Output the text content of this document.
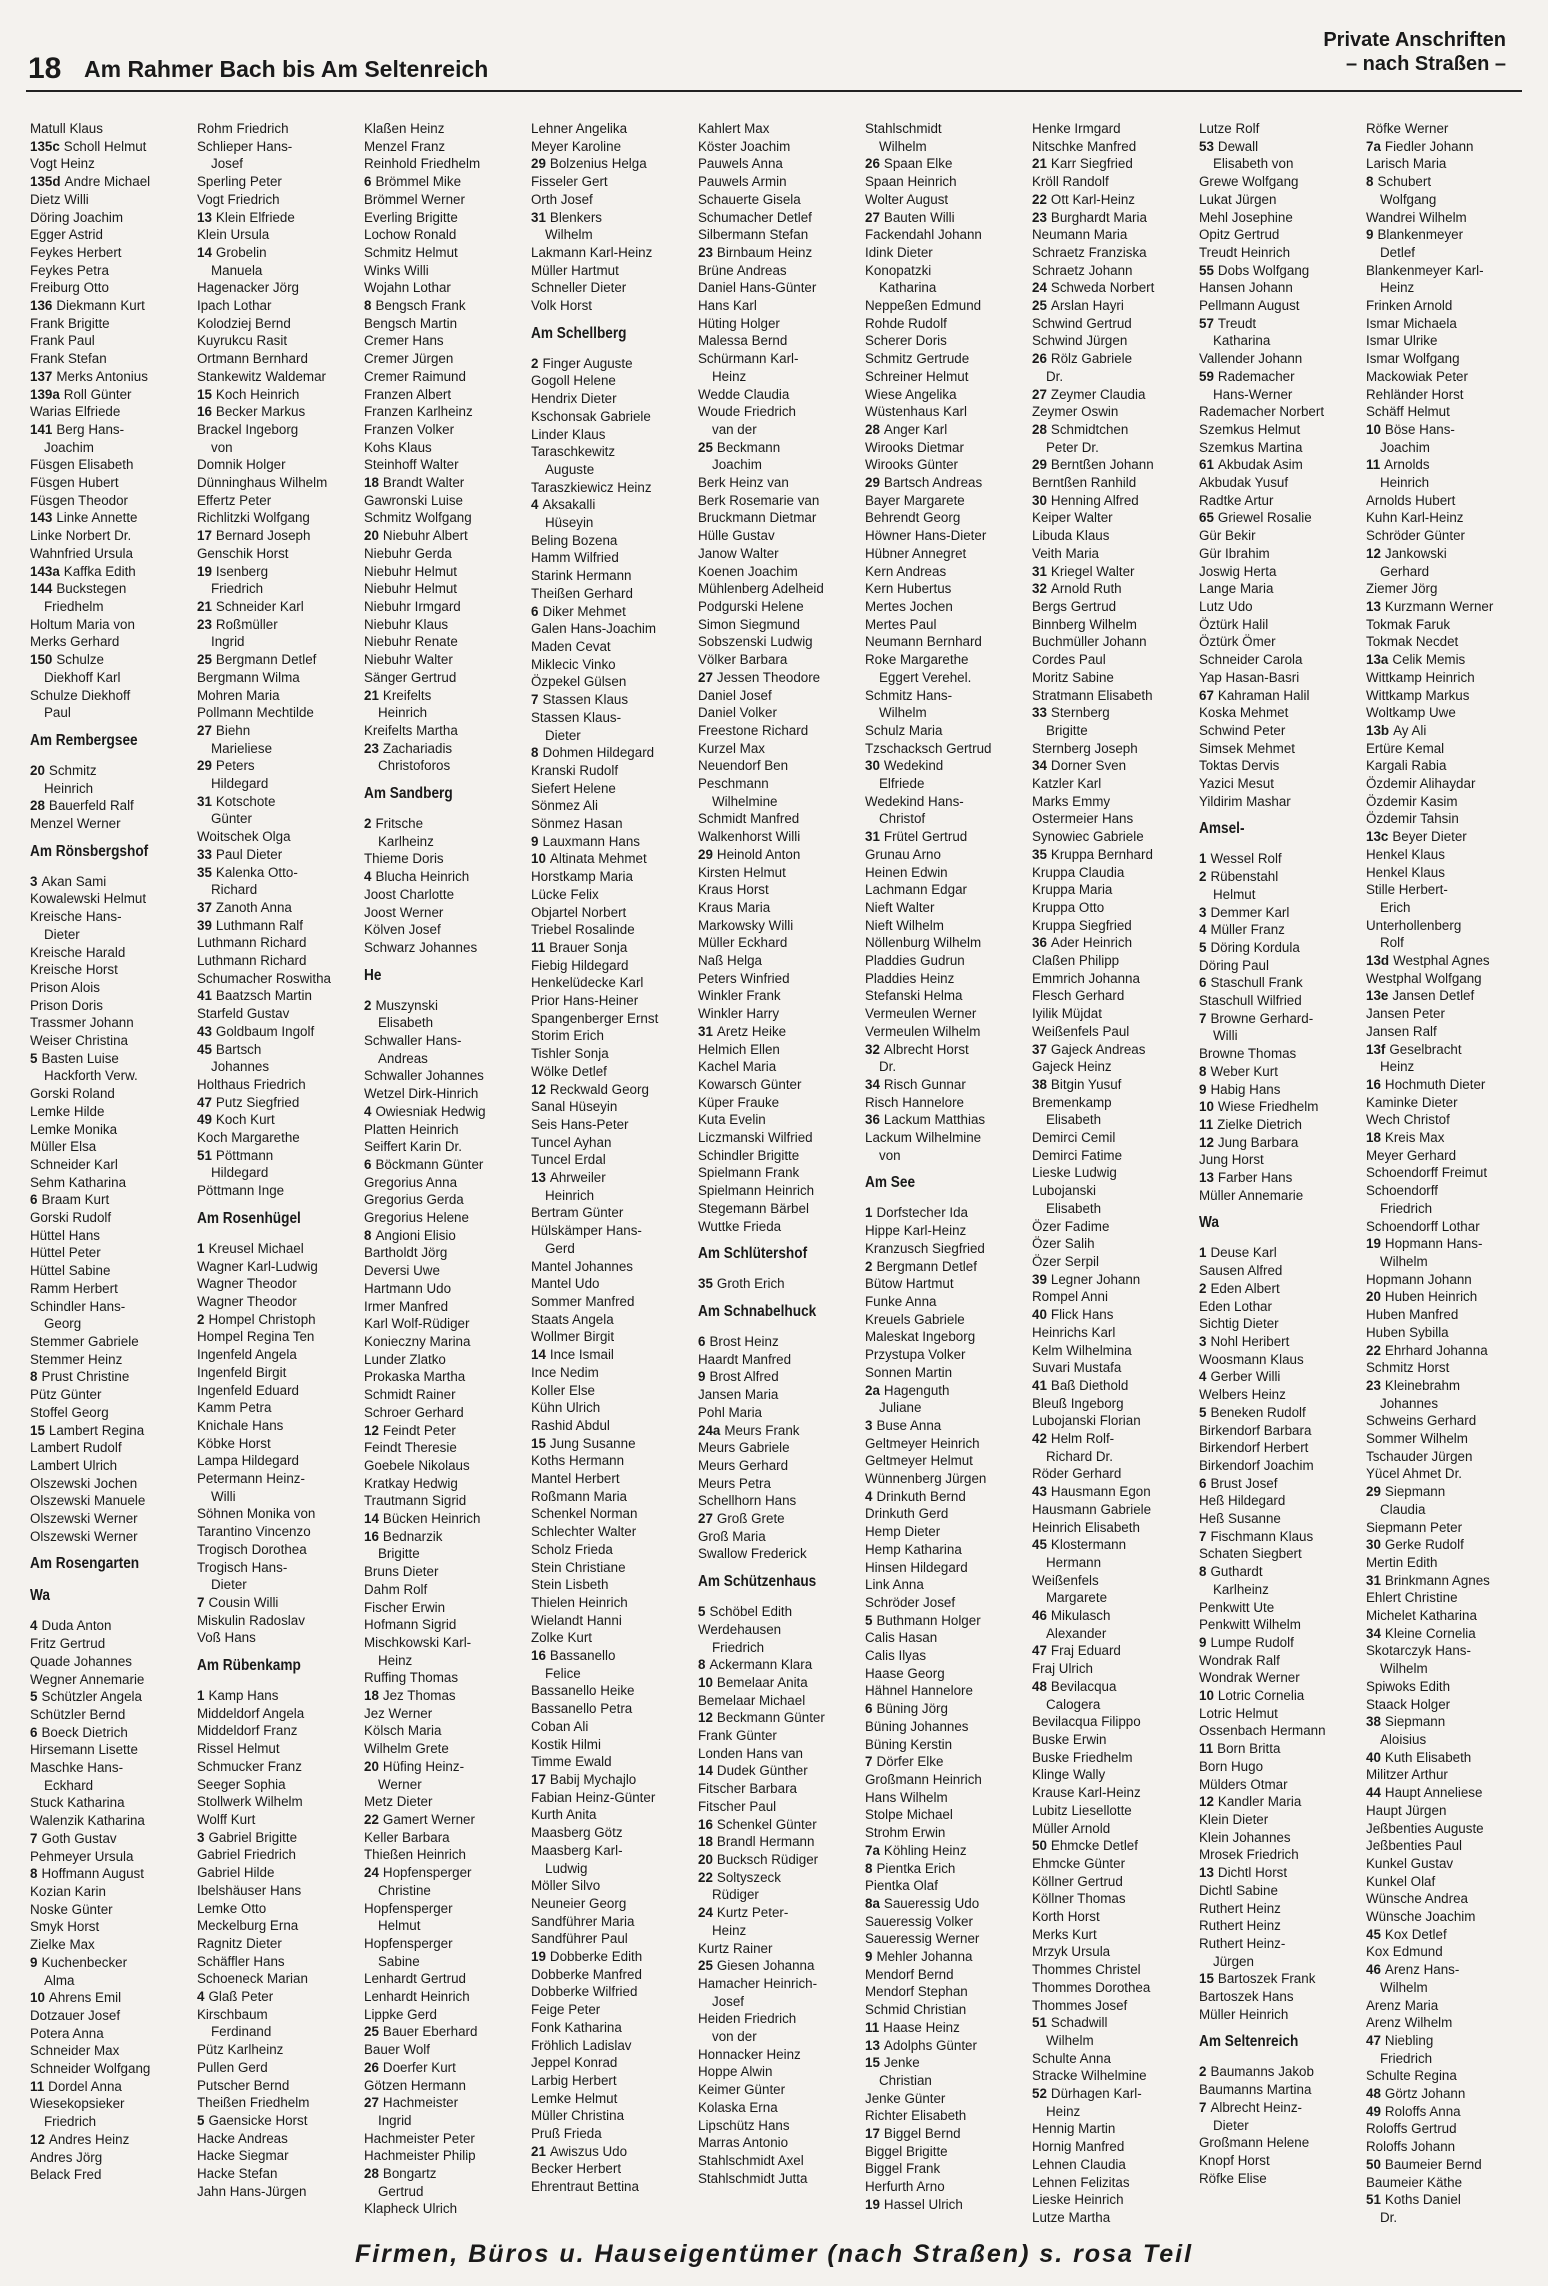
18 Am Rahmer Bach bis Am Seltenreich
Private Anschriften
– nach Straßen –
Matull Klaus
135c Scholl Helmut
Vogt Heinz
135d Andre Michael
Dietz Willi
Döring Joachim
Egger Astrid
Feykes Herbert
Feykes Petra
Freiburg Otto
136 Diekmann Kurt
Frank Brigitte
Frank Paul
Frank Stefan
137 Merks Antonius
139a Roll Günter
Warias Elfriede
141 Berg Hans-
Joachim
Füsgen Elisabeth
Füsgen Hubert
Füsgen Theodor
143 Linke Annette
Linke Norbert Dr.
Wahnfried Ursula
143a Kaffka Edith
144 Buckstegen
Friedhelm
Holtum Maria von
Merks Gerhard
150 Schulze
Diekhoff Karl
Schulze Diekhoff
Paul
Am Rembergsee
20 Schmitz
Heinrich
28 Bauerfeld Ralf
Menzel Werner
Am Rönsbergshof
3 Akan Sami
Kowalewski Helmut
Kreische Hans-
Dieter
Kreische Harald
Kreische Horst
Prison Alois
Prison Doris
Trassmer Johann
Weiser Christina
5 Basten Luise
Hackforth Verw.
Gorski Roland
Lemke Hilde
Lemke Monika
Müller Elsa
Schneider Karl
Sehm Katharina
6 Braam Kurt
Gorski Rudolf
Hüttel Hans
Hüttel Peter
Hüttel Sabine
Ramm Herbert
Schindler Hans-
Georg
Stemmer Gabriele
Stemmer Heinz
8 Prust Christine
Pütz Günter
Stoffel Georg
15 Lambert Regina
Lambert Rudolf
Lambert Ulrich
Olszewski Jochen
Olszewski Manuele
Olszewski Werner
Olszewski Werner
Am Rosengarten
Wa
4 Duda Anton
Fritz Gertrud
Quade Johannes
Wegner Annemarie
5 Schützler Angela
Schützler Bernd
6 Boeck Dietrich
Hirsemann Lisette
Maschke Hans-
Eckhard
Stuck Katharina
Walenzik Katharina
7 Goth Gustav
Pehmeyer Ursula
8 Hoffmann August
Kozian Karin
Noske Günter
Smyk Horst
Zielke Max
9 Kuchenbecker
Alma
10 Ahrens Emil
Dotzauer Josef
Potera Anna
Schneider Max
Schneider Wolfgang
11 Dordel Anna
Wiesekopsieker
Friedrich
12 Andres Heinz
Andres Jörg
Belack Fred
Rohm Friedrich
Schlieper Hans-
Josef
Sperling Peter
Vogt Friedrich
13 Klein Elfriede
Klein Ursula
14 Grobelin
Manuela
Hagenacker Jörg
Ipach Lothar
Kolodziej Bernd
Kuyrukcu Rasit
Ortmann Bernhard
Stankewitz Waldemar
15 Koch Heinrich
16 Becker Markus
Brackel Ingeborg
von
Domnik Holger
Dünninghaus Wilhelm
Effertz Peter
Richlitzki Wolfgang
17 Bernard Joseph
Genschik Horst
19 Isenberg
Friedrich
21 Schneider Karl
23 Roßmüller
Ingrid
25 Bergmann Detlef
Bergmann Wilma
Mohren Maria
Pollmann Mechtilde
27 Biehn
Marieliese
29 Peters
Hildegard
31 Kotschote
Günter
Woitschek Olga
33 Paul Dieter
35 Kalenka Otto-
Richard
37 Zanoth Anna
39 Luthmann Ralf
Luthmann Richard
Luthmann Richard
Schumacher Roswitha
41 Baatzsch Martin
Starfeld Gustav
43 Goldbaum Ingolf
45 Bartsch
Johannes
Holthaus Friedrich
47 Putz Siegfried
49 Koch Kurt
Koch Margarethe
51 Pöttmann
Hildegard
Pöttmann Inge
Am Rosenhügel
1 Kreusel Michael
Wagner Karl-Ludwig
Wagner Theodor
Wagner Theodor
2 Hompel Christoph
Hompel Regina Ten
Ingenfeld Angela
Ingenfeld Birgit
Ingenfeld Eduard
Kamm Petra
Knichale Hans
Köbke Horst
Lampa Hildegard
Petermann Heinz-
Willi
Söhnen Monika von
Tarantino Vincenzo
Trogisch Dorothea
Trogisch Hans-
Dieter
7 Cousin Willi
Miskulin Radoslav
Voß Hans
Am Rübenkamp
1 Kamp Hans
Middeldorf Angela
Middeldorf Franz
Rissel Helmut
Schmucker Franz
Seeger Sophia
Stollwerk Wilhelm
Wolff Kurt
3 Gabriel Brigitte
Gabriel Friedrich
Gabriel Hilde
Ibelshäuser Hans
Lemke Otto
Meckelburg Erna
Ragnitz Dieter
Schäffler Hans
Schoeneck Marian
4 Glaß Peter
Kirschbaum
Ferdinand
Pütz Karlheinz
Pullen Gerd
Putscher Bernd
Theißen Friedhelm
5 Gaensicke Horst
Hacke Andreas
Hacke Siegmar
Hacke Stefan
Jahn Hans-Jürgen
Klaßen Heinz
Menzel Franz
Reinhold Friedhelm
6 Brömmel Mike
Brömmel Werner
Everling Brigitte
Lochow Ronald
Schmitz Helmut
Winks Willi
Wojahn Lothar
8 Bengsch Frank
Bengsch Martin
Cremer Hans
Cremer Jürgen
Cremer Raimund
Franzen Albert
Franzen Karlheinz
Franzen Volker
Kohs Klaus
Steinhoff Walter
18 Brandt Walter
Gawronski Luise
Schmitz Wolfgang
20 Niebuhr Albert
Niebuhr Gerda
Niebuhr Helmut
Niebuhr Helmut
Niebuhr Irmgard
Niebuhr Klaus
Niebuhr Renate
Niebuhr Walter
Sänger Gertrud
21 Kreifelts
Heinrich
Kreifelts Martha
23 Zachariadis
Christoforos
Am Sandberg
2 Fritsche
Karlheinz
Thieme Doris
4 Blucha Heinrich
Joost Charlotte
Joost Werner
Kölven Josef
Schwarz Johannes
He
2 Muszynski
Elisabeth
Schwaller Hans-
Andreas
Schwaller Johannes
Wetzel Dirk-Hinrich
4 Owiesniak Hedwig
Platten Heinrich
Seiffert Karin Dr.
6 Böckmann Günter
Gregorius Anna
Gregorius Gerda
Gregorius Helene
8 Angioni Elisio
Bartholdt Jörg
Deversi Uwe
Hartmann Udo
Irmer Manfred
Karl Wolf-Rüdiger
Konieczny Marina
Lunder Zlatko
Prokaska Martha
Schmidt Rainer
Schroer Gerhard
12 Feindt Peter
Feindt Theresie
Goebele Nikolaus
Kratkay Hedwig
Trautmann Sigrid
14 Bücken Heinrich
16 Bednarzik
Brigitte
Bruns Dieter
Dahm Rolf
Fischer Erwin
Hofmann Sigrid
Mischkowski Karl-
Heinz
Ruffing Thomas
18 Jez Thomas
Jez Werner
Kölsch Maria
Wilhelm Grete
20 Hüfing Heinz-
Werner
Metz Dieter
22 Gamert Werner
Keller Barbara
Thießen Heinrich
24 Hopfensperger
Christine
Hopfensperger
Helmut
Hopfensperger
Sabine
Lenhardt Gertrud
Lenhardt Heinrich
Lippke Gerd
25 Bauer Eberhard
Bauer Wolf
26 Doerfer Kurt
Götzen Hermann
27 Hachmeister
Ingrid
Hachmeister Peter
Hachmeister Philip
28 Bongartz
Gertrud
Klapheck Ulrich
Lehner Angelika
Meyer Karoline
29 Bolzenius Helga
Fisseler Gert
Orth Josef
31 Blenkers
Wilhelm
Lakmann Karl-Heinz
Müller Hartmut
Schneller Dieter
Volk Horst
Am Schellberg
2 Finger Auguste
Gogoll Helene
Hendrix Dieter
Kschonsak Gabriele
Linder Klaus
Taraschkewitz
Auguste
Taraszkiewicz Heinz
4 Aksakalli
Hüseyin
Beling Bozena
Hamm Wilfried
Starink Hermann
Theißen Gerhard
6 Diker Mehmet
Galen Hans-Joachim
Maden Cevat
Miklecic Vinko
Özpekel Gülsen
7 Stassen Klaus
Stassen Klaus-
Dieter
8 Dohmen Hildegard
Kranski Rudolf
Siefert Helene
Sönmez Ali
Sönmez Hasan
9 Lauxmann Hans
10 Altinata Mehmet
Horstkamp Maria
Lücke Felix
Objartel Norbert
Triebel Rosalinde
11 Brauer Sonja
Fiebig Hildegard
Henkelüdecke Karl
Prior Hans-Heiner
Spangenberger Ernst
Storim Erich
Tishler Sonja
Wölke Detlef
12 Reckwald Georg
Sanal Hüseyin
Seis Hans-Peter
Tuncel Ayhan
Tuncel Erdal
13 Ahrweiler
Heinrich
Bertram Günter
Hülskämper Hans-
Gerd
Mantel Johannes
Mantel Udo
Sommer Manfred
Staats Angela
Wollmer Birgit
14 Ince Ismail
Ince Nedim
Koller Else
Kühn Ulrich
Rashid Abdul
15 Jung Susanne
Koths Hermann
Mantel Herbert
Roßmann Maria
Schenkel Norman
Schlechter Walter
Scholz Frieda
Stein Christiane
Stein Lisbeth
Thielen Heinrich
Wielandt Hanni
Zolke Kurt
16 Bassanello
Felice
Bassanello Heike
Bassanello Petra
Coban Ali
Kostik Hilmi
Timme Ewald
17 Babij Mychajlo
Fabian Heinz-Günter
Kurth Anita
Maasberg Götz
Maasberg Karl-
Ludwig
Möller Silvo
Neuneier Georg
Sandführer Maria
Sandführer Paul
19 Dobberke Edith
Dobberke Manfred
Dobberke Wilfried
Feige Peter
Fonk Katharina
Fröhlich Ladislav
Jeppel Konrad
Larbig Herbert
Lemke Helmut
Müller Christina
Pruß Frieda
21 Awiszus Udo
Becker Herbert
Ehrentraut Bettina
Kahlert Max
Köster Joachim
Pauwels Anna
Pauwels Armin
Schauerte Gisela
Schumacher Detlef
Silbermann Stefan
23 Birnbaum Heinz
Brüne Andreas
Daniel Hans-Günter
Hans Karl
Hüting Holger
Malessa Bernd
Schürmann Karl-
Heinz
Wedde Claudia
Woude Friedrich
van der
25 Beckmann
Joachim
Berk Heinz van
Berk Rosemarie van
Bruckmann Dietmar
Hülle Gustav
Janow Walter
Koenen Joachim
Mühlenberg Adelheid
Podgurski Helene
Simon Siegmund
Sobszenski Ludwig
Völker Barbara
27 Jessen Theodore
Daniel Josef
Daniel Volker
Freestone Richard
Kurzel Max
Neuendorf Ben
Peschmann
Wilhelmine
Schmidt Manfred
Walkenhorst Willi
29 Heinold Anton
Kirsten Helmut
Kraus Horst
Kraus Maria
Markowsky Willi
Müller Eckhard
Naß Helga
Peters Winfried
Winkler Frank
Winkler Harry
31 Aretz Heike
Helmich Ellen
Kachel Maria
Kowarsch Günter
Küper Frauke
Kuta Evelin
Liczmanski Wilfried
Schindler Brigitte
Spielmann Frank
Spielmann Heinrich
Stegemann Bärbel
Wuttke Frieda
Am Schlütershof
35 Groth Erich
Am Schnabelhuck
6 Brost Heinz
Haardt Manfred
9 Brost Alfred
Jansen Maria
Pohl Maria
24a Meurs Frank
Meurs Gabriele
Meurs Gerhard
Meurs Petra
Schellhorn Hans
27 Groß Grete
Groß Maria
Swallow Frederick
Am Schützenhaus
5 Schöbel Edith
Werdehausen
Friedrich
8 Ackermann Klara
10 Bemelaar Anita
Bemelaar Michael
12 Beckmann Günter
Frank Günter
Londen Hans van
14 Dudek Günther
Fitscher Barbara
Fitscher Paul
16 Schenkel Günter
18 Brandl Hermann
20 Bucksch Rüdiger
22 Soltyszeck
Rüdiger
24 Kurtz Peter-
Heinz
Kurtz Rainer
25 Giesen Johanna
Hamacher Heinrich-
Josef
Heiden Friedrich
von der
Honnacker Heinz
Hoppe Alwin
Keimer Günter
Kolaska Erna
Lipschütz Hans
Marras Antonio
Stahlschmidt Axel
Stahlschmidt Jutta
Stahlschmidt
Wilhelm
26 Spaan Elke
Spaan Heinrich
Wolter August
27 Bauten Willi
Fackendahl Johann
Idink Dieter
Konopatzki
Katharina
Neppeßen Edmund
Rohde Rudolf
Scherer Doris
Schmitz Gertrude
Schreiner Helmut
Wiese Angelika
Wüstenhaus Karl
28 Anger Karl
Wirooks Dietmar
Wirooks Günter
29 Bartsch Andreas
Bayer Margarete
Behrendt Georg
Höwner Hans-Dieter
Hübner Annegret
Kern Andreas
Kern Hubertus
Mertes Jochen
Mertes Paul
Neumann Bernhard
Roke Margarethe
Eggert Verehel.
Schmitz Hans-
Wilhelm
Schulz Maria
Tzschacksch Gertrud
30 Wedekind
Elfriede
Wedekind Hans-
Christof
31 Frütel Gertrud
Grunau Arno
Heinen Edwin
Lachmann Edgar
Nieft Walter
Nieft Wilhelm
Nöllenburg Wilhelm
Pladdies Gudrun
Pladdies Heinz
Stefanski Helma
Vermeulen Werner
Vermeulen Wilhelm
32 Albrecht Horst
Dr.
34 Risch Gunnar
Risch Hannelore
36 Lackum Matthias
Lackum Wilhelmine
von
Am See
1 Dorfstecher Ida
Hippe Karl-Heinz
Kranzusch Siegfried
2 Bergmann Detlef
Bütow Hartmut
Funke Anna
Kreuels Gabriele
Maleskat Ingeborg
Przystupa Volker
Sonnen Martin
2a Hagenguth
Juliane
3 Buse Anna
Geltmeyer Heinrich
Geltmeyer Helmut
Wünnenberg Jürgen
4 Drinkuth Bernd
Drinkuth Gerd
Hemp Dieter
Hemp Katharina
Hinsen Hildegard
Link Anna
Schröder Josef
5 Buthmann Holger
Calis Hasan
Calis Ilyas
Haase Georg
Hähnel Hannelore
6 Büning Jörg
Büning Johannes
Büning Kerstin
7 Dörfer Elke
Großmann Heinrich
Hans Wilhelm
Stolpe Michael
Strohm Erwin
7a Köhling Heinz
8 Pientka Erich
Pientka Olaf
8a Saueressig Udo
Saueressig Volker
Saueressig Werner
9 Mehler Johanna
Mendorf Bernd
Mendorf Stephan
Schmid Christian
11 Haase Heinz
13 Adolphs Günter
15 Jenke
Christian
Jenke Günter
Richter Elisabeth
17 Biggel Bernd
Biggel Brigitte
Biggel Frank
Herfurth Arno
19 Hassel Ulrich
Henke Irmgard
Nitschke Manfred
21 Karr Siegfried
Kröll Randolf
22 Ott Karl-Heinz
23 Burghardt Maria
Neumann Maria
Schraetz Franziska
Schraetz Johann
24 Schweda Norbert
25 Arslan Hayri
Schwind Gertrud
Schwind Jürgen
26 Rölz Gabriele
Dr.
27 Zeymer Claudia
Zeymer Oswin
28 Schmidtchen
Peter Dr.
29 Berntßen Johann
Berntßen Ranhild
30 Henning Alfred
Keiper Walter
Libuda Klaus
Veith Maria
31 Kriegel Walter
32 Arnold Ruth
Bergs Gertrud
Binnberg Wilhelm
Buchmüller Johann
Cordes Paul
Moritz Sabine
Stratmann Elisabeth
33 Sternberg
Brigitte
Sternberg Joseph
34 Dorner Sven
Katzler Karl
Marks Emmy
Ostermeier Hans
Synowiec Gabriele
35 Kruppa Bernhard
Kruppa Claudia
Kruppa Maria
Kruppa Otto
Kruppa Siegfried
36 Ader Heinrich
Claßen Philipp
Emmrich Johanna
Flesch Gerhard
Iyilik Müjdat
Weißenfels Paul
37 Gajeck Andreas
Gajeck Heinz
38 Bitgin Yusuf
Bremenkamp
Elisabeth
Demirci Cemil
Demirci Fatime
Lieske Ludwig
Lubojanski
Elisabeth
Özer Fadime
Özer Salih
Özer Serpil
39 Legner Johann
Rompel Anni
40 Flick Hans
Heinrichs Karl
Kelm Wilhelmina
Suvari Mustafa
41 Baß Diethold
Bleuß Ingeborg
Lubojanski Florian
42 Helm Rolf-
Richard Dr.
Röder Gerhard
43 Hausmann Egon
Hausmann Gabriele
Heinrich Elisabeth
45 Klostermann
Hermann
Weißenfels
Margarete
46 Mikulasch
Alexander
47 Fraj Eduard
Fraj Ulrich
48 Bevilacqua
Calogera
Bevilacqua Filippo
Buske Erwin
Buske Friedhelm
Klinge Wally
Krause Karl-Heinz
Lubitz Liesellotte
Müller Arnold
50 Ehmcke Detlef
Ehmcke Günter
Köllner Gertrud
Köllner Thomas
Korth Horst
Merks Kurt
Mrzyk Ursula
Thommes Christel
Thommes Dorothea
Thommes Josef
51 Schadwill
Wilhelm
Schulte Anna
Stracke Wilhelmine
52 Dürhagen Karl-
Heinz
Hennig Martin
Hornig Manfred
Lehnen Claudia
Lehnen Felizitas
Lieske Heinrich
Lutze Martha
Lutze Rolf
53 Dewall
Elisabeth von
Grewe Wolfgang
Lukat Jürgen
Mehl Josephine
Opitz Gertrud
Treudt Heinrich
55 Dobs Wolfgang
Hansen Johann
Pellmann August
57 Treudt
Katharina
Vallender Johann
59 Rademacher
Hans-Werner
Rademacher Norbert
Szemkus Helmut
Szemkus Martina
61 Akbudak Asim
Akbudak Yusuf
Radtke Artur
65 Griewel Rosalie
Gür Bekir
Gür Ibrahim
Joswig Herta
Lange Maria
Lutz Udo
Öztürk Halil
Öztürk Ömer
Schneider Carola
Yap Hasan-Basri
67 Kahraman Halil
Koska Mehmet
Schwind Peter
Simsek Mehmet
Toktas Dervis
Yazici Mesut
Yildirim Mashar
Amsel-
1 Wessel Rolf
2 Rübenstahl
Helmut
3 Demmer Karl
4 Müller Franz
5 Döring Kordula
Döring Paul
6 Staschull Frank
Staschull Wilfried
7 Browne Gerhard-
Willi
Browne Thomas
8 Weber Kurt
9 Habig Hans
10 Wiese Friedhelm
11 Zielke Dietrich
12 Jung Barbara
Jung Horst
13 Farber Hans
Müller Annemarie
Wa
1 Deuse Karl
Sausen Alfred
2 Eden Albert
Eden Lothar
Sichtig Dieter
3 Nohl Heribert
Woosmann Klaus
4 Gerber Willi
Welbers Heinz
5 Beneken Rudolf
Birkendorf Barbara
Birkendorf Herbert
Birkendorf Joachim
6 Brust Josef
Heß Hildegard
Heß Susanne
7 Fischmann Klaus
Schaten Siegbert
8 Guthardt
Karlheinz
Penkwitt Ute
Penkwitt Wilhelm
9 Lumpe Rudolf
Wondrak Ralf
Wondrak Werner
10 Lotric Cornelia
Lotric Helmut
Ossenbach Hermann
11 Born Britta
Born Hugo
Mülders Otmar
12 Kandler Maria
Klein Dieter
Klein Johannes
Mrosek Friedrich
13 Dichtl Horst
Dichtl Sabine
Ruthert Heinz
Ruthert Heinz
Ruthert Heinz-
Jürgen
15 Bartoszek Frank
Bartoszek Hans
Müller Heinrich
Am Seltenreich
2 Baumanns Jakob
Baumanns Martina
7 Albrecht Heinz-
Dieter
Großmann Helene
Knopf Horst
Röfke Elise
Röfke Werner
7a Fiedler Johann
Larisch Maria
8 Schubert
Wolfgang
Wandrei Wilhelm
9 Blankenmeyer
Detlef
Blankenmeyer Karl-
Heinz
Frinken Arnold
Ismar Michaela
Ismar Ulrike
Ismar Wolfgang
Mackowiak Peter
Rehländer Horst
Schäff Helmut
10 Böse Hans-
Joachim
11 Arnolds
Heinrich
Arnolds Hubert
Kuhn Karl-Heinz
Schröder Günter
12 Jankowski
Gerhard
Ziemer Jörg
13 Kurzmann Werner
Tokmak Faruk
Tokmak Necdet
13a Celik Memis
Wittkamp Heinrich
Wittkamp Markus
Woltkamp Uwe
13b Ay Ali
Ertüre Kemal
Kargali Rabia
Özdemir Alihaydar
Özdemir Kasim
Özdemir Tahsin
13c Beyer Dieter
Henkel Klaus
Henkel Klaus
Stille Herbert-
Erich
Unterhollenberg
Rolf
13d Westphal Agnes
Westphal Wolfgang
13e Jansen Detlef
Jansen Peter
Jansen Ralf
13f Geselbracht
Heinz
16 Hochmuth Dieter
Kaminke Dieter
Wech Christof
18 Kreis Max
Meyer Gerhard
Schoendorff Freimut
Schoendorff
Friedrich
Schoendorff Lothar
19 Hopmann Hans-
Wilhelm
Hopmann Johann
20 Huben Heinrich
Huben Manfred
Huben Sybilla
22 Ehrhard Johanna
Schmitz Horst
23 Kleinebrahm
Johannes
Schweins Gerhard
Sommer Wilhelm
Tschauder Jürgen
Yücel Ahmet Dr.
29 Siepmann
Claudia
Siepmann Peter
30 Gerke Rudolf
Mertin Edith
31 Brinkmann Agnes
Ehlert Christine
Michelet Katharina
34 Kleine Cornelia
Skotarczyk Hans-
Wilhelm
Spiwoks Edith
Staack Holger
38 Siepmann
Aloisius
40 Kuth Elisabeth
Militzer Arthur
44 Haupt Anneliese
Haupt Jürgen
Jeßbenties Auguste
Jeßbenties Paul
Kunkel Gustav
Kunkel Olaf
Wünsche Andrea
Wünsche Joachim
45 Kox Detlef
Kox Edmund
46 Arenz Hans-
Wilhelm
Arenz Maria
Arenz Wilhelm
47 Niebling
Friedrich
Schulte Regina
48 Görtz Johann
49 Roloffs Anna
Roloffs Gertrud
Roloffs Johann
50 Baumeier Bernd
Baumeier Käthe
51 Koths Daniel
Dr.
Firmen, Büros u. Hauseigentümer (nach Straßen) s. rosa Teil
